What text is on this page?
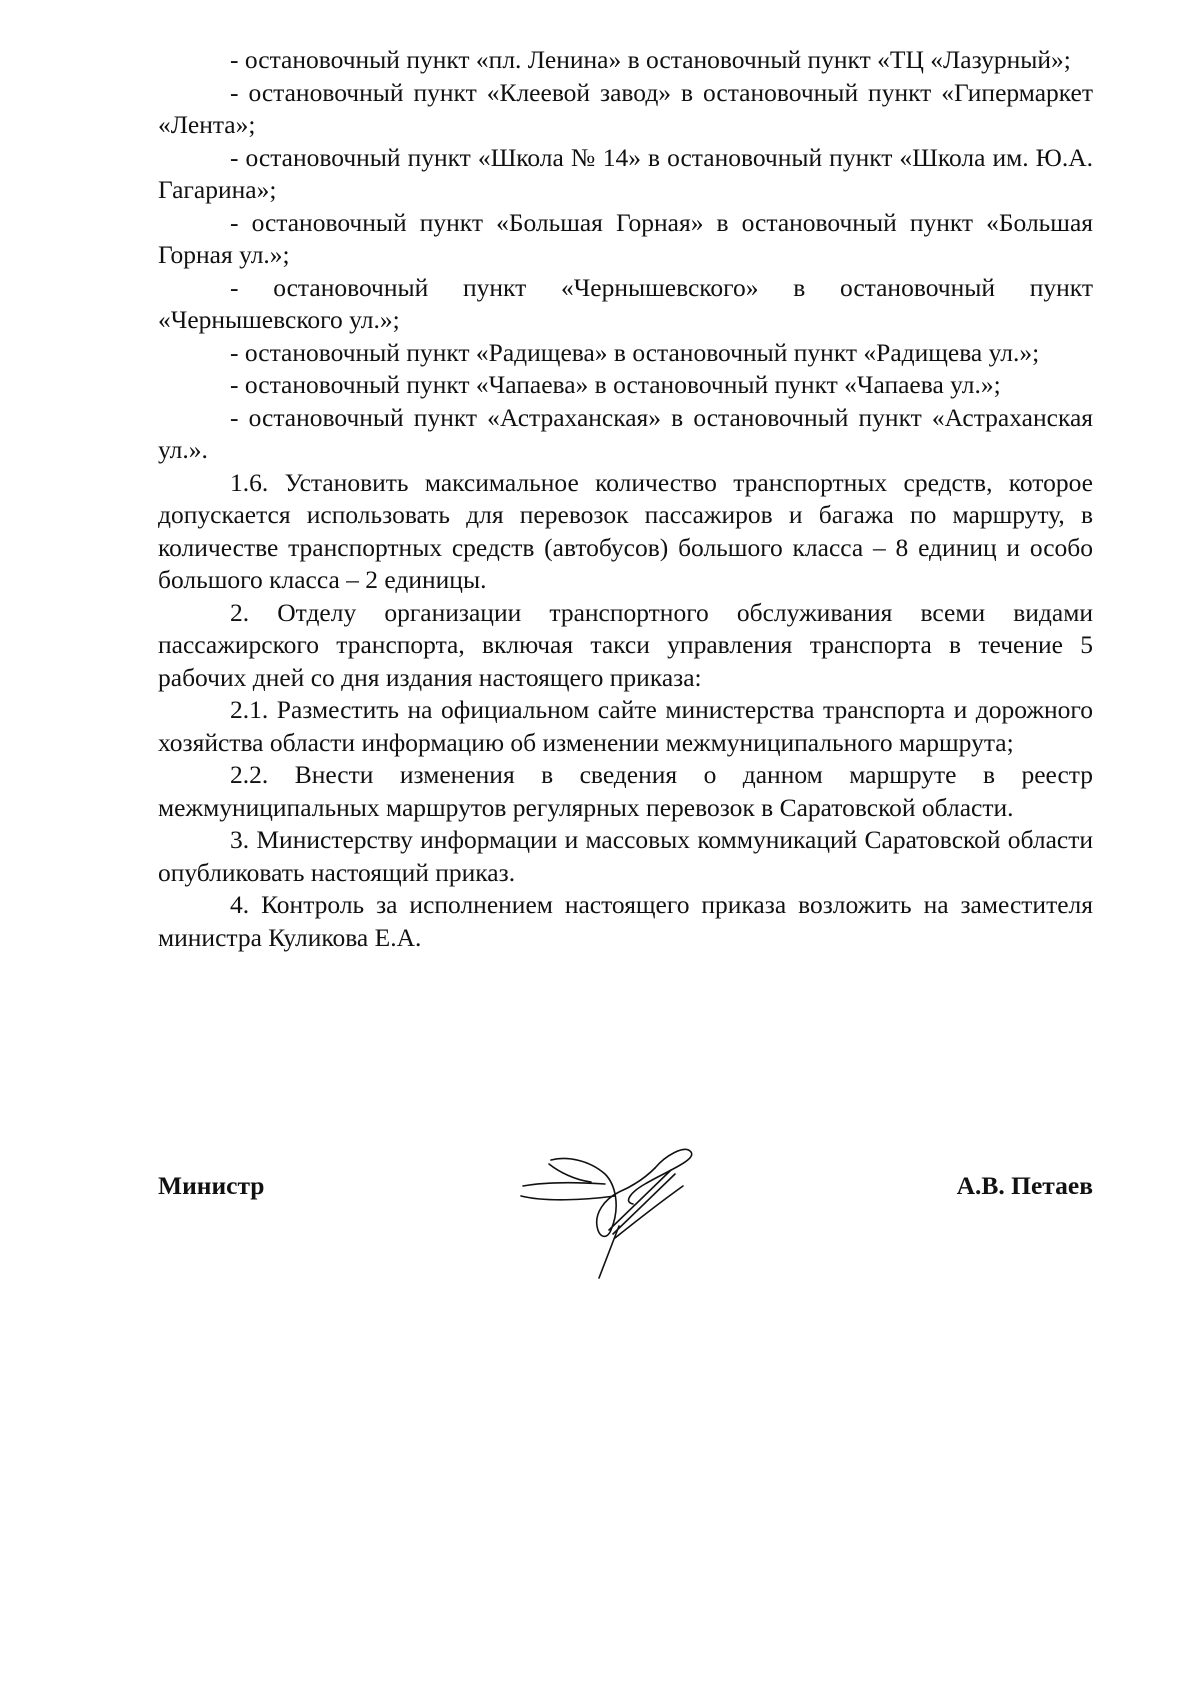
- остановочный пункт «пл. Ленина» в остановочный пункт «ТЦ «Лазурный»;

- остановочный пункт «Клеевой завод» в остановочный пункт «Гипермаркет «Лента»;

- остановочный пункт «Школа № 14» в остановочный пункт «Школа им. Ю.А. Гагарина»;

- остановочный пункт «Большая Горная» в остановочный пункт «Большая Горная ул.»;

- остановочный пункт «Чернышевского» в остановочный пункт «Чернышевского ул.»;

- остановочный пункт «Радищева» в остановочный пункт «Радищева ул.»;

- остановочный пункт «Чапаева» в остановочный пункт «Чапаева ул.»;

- остановочный пункт «Астраханская» в остановочный пункт «Астраханская ул.».

1.6. Установить максимальное количество транспортных средств, которое допускается использовать для перевозок пассажиров и багажа по маршруту, в количестве транспортных средств (автобусов) большого класса – 8 единиц и особо большого класса – 2 единицы.

2. Отделу организации транспортного обслуживания всеми видами пассажирского транспорта, включая такси управления транспорта в течение 5 рабочих дней со дня издания настоящего приказа:

2.1. Разместить на официальном сайте министерства транспорта и дорожного хозяйства области информацию об изменении межмуниципального маршрута;

2.2. Внести изменения в сведения о данном маршруте в реестр межмуниципальных маршрутов регулярных перевозок в Саратовской области.

3. Министерству информации и массовых коммуникаций Саратовской области опубликовать настоящий приказ.

4. Контроль за исполнением настоящего приказа возложить на заместителя министра Куликова Е.А.

Министр	А.В. Петаев
